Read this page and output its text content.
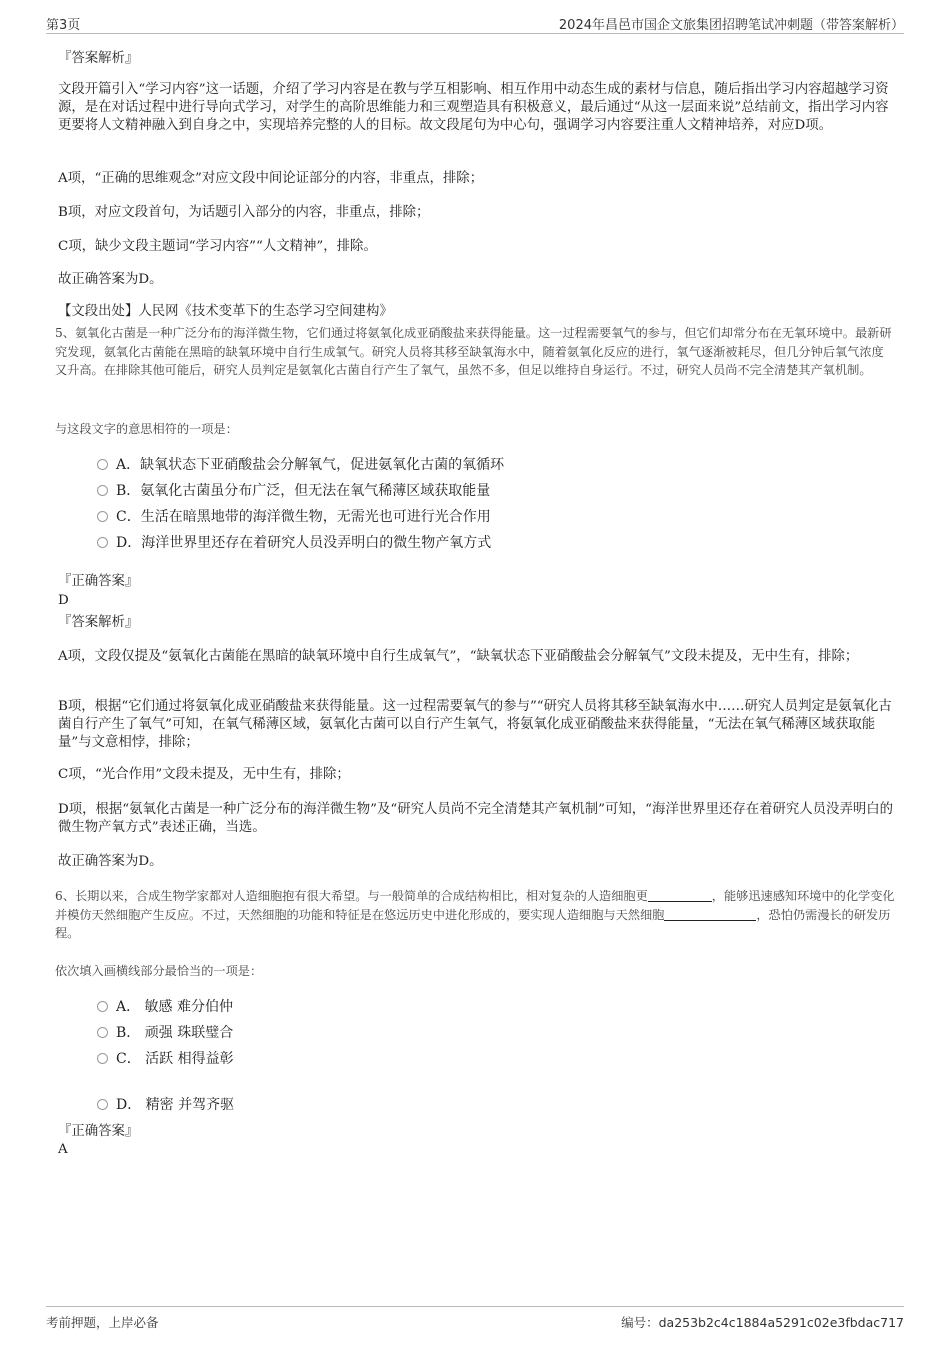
第3页	2024年昌邑市国企文旅集团招聘笔试冲刺题（带答案解析）
『答案解析』
文段开篇引入“学习内容”这一话题，介绍了学习内容是在教与学互相影响、相互作用中动态生成的素材与信息，随后指出学习内容超越学习资源，是在对话过程中进行导向式学习，对学生的高阶思维能力和三观塑造具有积极意义，最后通过“从这一层面来说”总结前文，指出学习内容更要将人文精神融入到自身之中，实现培养完整的人的目标。故文段尾句为中心句，强调学习内容要注重人文精神培养，对应D项。
A项，“正确的思维观念”对应文段中间论证部分的内容，非重点，排除；
B项，对应文段首句，为话题引入部分的内容，非重点，排除；
C项，缺少文段主题词“学习内容”“人文精神”，排除。
故正确答案为D。
【文段出处】人民网《技术变革下的生态学习空间建构》
5、氨氧化古菌是一种广泛分布的海洋微生物，它们通过将氨氧化成亚硝酸盐来获得能量。这一过程需要氧气的参与，但它们却常分布在无氧环境中。最新研究发现，氨氧化古菌能在黑暗的缺氧环境中自行生成氧气。研究人员将其移至缺氧海水中，随着氨氧化反应的进行，氧气逐渐被耗尽，但几分钟后氧气浓度又升高。在排除其他可能后，研究人员判定是氨氧化古菌自行产生了氧气，虽然不多，但足以维持自身运行。不过，研究人员尚不完全清楚其产氧机制。
与这段文字的意思相符的一项是：
A．缺氧状态下亚硝酸盐会分解氧气，促进氨氧化古菌的氧循环
B．氨氧化古菌虽分布广泛，但无法在氧气稀薄区域获取能量
C．生活在暗黑地带的海洋微生物，无需光也可进行光合作用
D．海洋世界里还存在着研究人员没弄明白的微生物产氧方式
『正确答案』
D
『答案解析』
A项，文段仅提及“氨氧化古菌能在黑暗的缺氧环境中自行生成氧气”，“缺氧状态下亚硝酸盐会分解氧气”文段未提及，无中生有，排除；
B项，根据“它们通过将氨氧化成亚硝酸盐来获得能量。这一过程需要氧气的参与”“研究人员将其移至缺氧海水中……研究人员判定是氨氧化古菌自行产生了氧气”可知，在氧气稀薄区域，氨氧化古菌可以自行产生氧气，将氨氧化成亚硝酸盐来获得能量，“无法在氧气稀薄区域获取能量”与文意相悖，排除；
C项，“光合作用”文段未提及，无中生有，排除；
D项，根据“氨氧化古菌是一种广泛分布的海洋微生物”及“研究人员尚不完全清楚其产氧机制”可知，“海洋世界里还存在着研究人员没弄明白的微生物产氧方式”表述正确，当选。
故正确答案为D。
6、长期以来，合成生物学家都对人造细胞抱有很大希望。与一般简单的合成结构相比，相对复杂的人造细胞更	，能够迅速感知环境中的化学变化并模仿天然细胞产生反应。不过，天然细胞的功能和特征是在悠远历史中进化形成的，要实现人造细胞与天然细胞	，恐怕仍需漫长的研发历程。
依次填入画横线部分最恰当的一项是：
A． 敏感 难分伯仲
B． 顽强 珠联璧合
C． 活跃 相得益彰
D． 精密 并驾齐驱
『正确答案』
A
考前押题，上岸必备	编号：da253b2c4c1884a5291c02e3fbdac717
